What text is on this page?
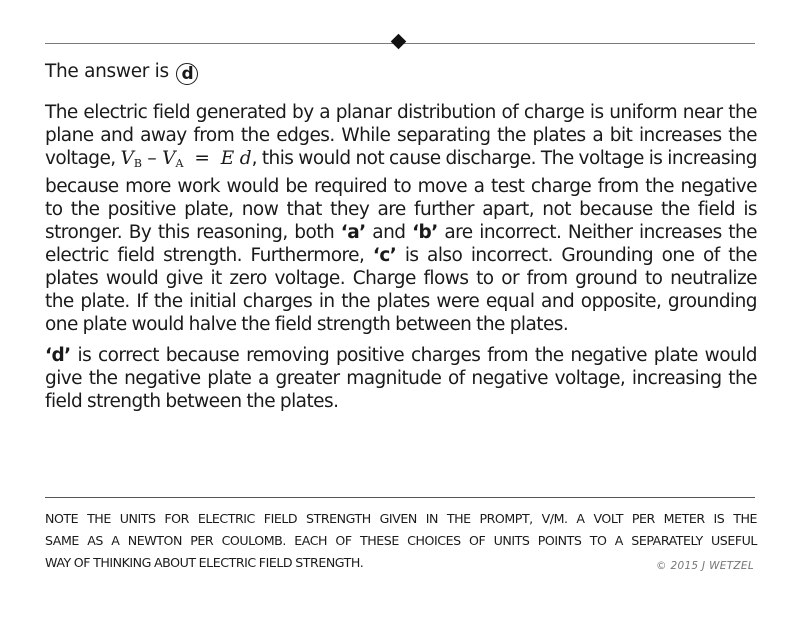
The answer is d
The electric field generated by a planar distribution of charge is uniform near the
plane and away from the edges. While separating the plates a bit increases the
voltage, $V_B - V_A = E$ d, this would not cause discharge. The voltage is increasing
because more work would be required to move a test charge from the negative
to the positive plate, now that they are further apart, not because the field is
stronger. By this reasoning, both ‘a’ and ‘b’ are incorrect. Neither increases the
electric field strength. Furthermore, ‘c’ is also incorrect. Grounding one of the
plates would give it zero voltage. Charge flows to or from ground to neutralize
the plate. If the initial charges in the plates were equal and opposite, grounding
one plate would halve the field strength between the plates.
‘d’ is correct because removing positive charges from the negative plate would
give the negative plate a greater magnitude of negative voltage, increasing the
field strength between the plates.
NOTE THE UNITS FOR ELECTRIC FIELD STRENGTH GIVEN IN THE PROMPT, V/M. A VOLT PER METER IS THE
SAME AS A NEWTON PER COULOMB. EACH OF THESE CHOICES OF UNITS POINTS TO A SEPARATELY USEFUL
WAY OF THINKING ABOUT ELECTRIC FIELD STRENGTH.	© 2015 J WETZEL
